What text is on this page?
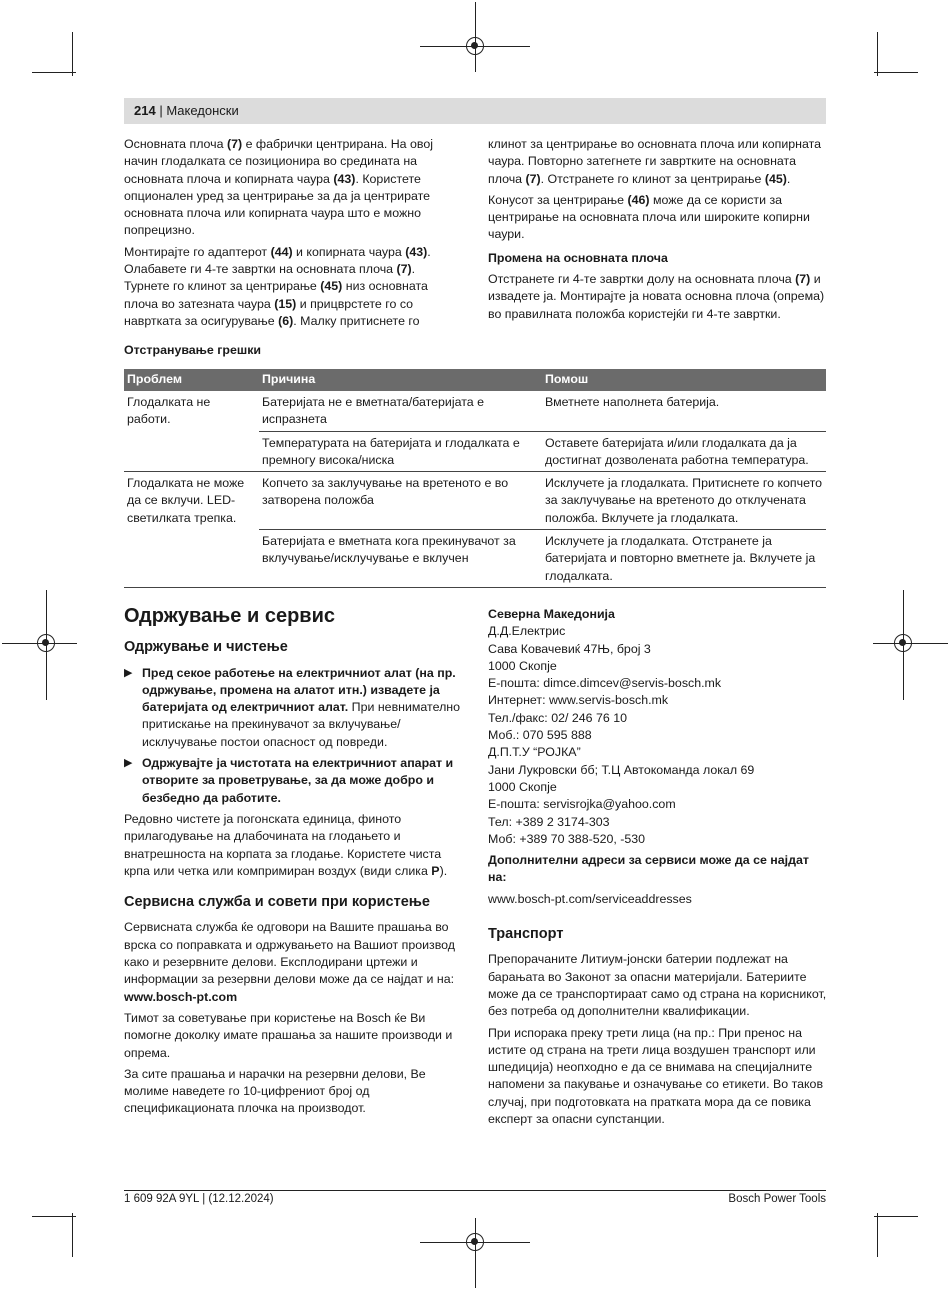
214 | Македонски

Основната плоча (7) е фабрички центрирана. На овој начин глодалката се позиционира во средината на основната плоча и копирната чаура (43). Користете опционален уред за центрирање за да ја центрирате основната плоча или копирната чаура што е можно попрецизно.

Монтирајте го адаптерот (44) и копирната чаура (43). Олабавете ги 4-те завртки на основната плоча (7). Турнете го клинот за центрирање (45) низ основната плоча во затезната чаура (15) и прицврстете го со навртката за осигурување (6). Малку притиснете го

клинот за центрирање во основната плоча или копирната чаура. Повторно затегнете ги завртките на основната плоча (7). Отстранете го клинот за центрирање (45).

Конусот за центрирање (46) може да се користи за центрирање на основната плоча или широките копирни чаури.

Промена на основната плоча

Отстранете ги 4-те завртки долу на основната плоча (7) и извадете ја. Монтирајте ја новата основна плоча (опрема) во правилната положба користејќи ги 4-те завртки.

Отстранување грешки
Проблем	Причина	Помош
Глодалката не работи.	Батеријата не е вметната/батеријата е испразнета	Вметнете наполнета батерија.
	Температурата на батеријата и глодалката е премногу висока/ниска	Оставете батеријата и/или глодалката да ја достигнат дозволената работна температура.
Глодалката не може да се вклучи. LED-светилката трепка.	Копчето за заклучување на вретеното е во затворена положба	Исклучете ја глодалката. Притиснете го копчето за заклучување на вретеното до отклучената положба. Вклучете ја глодалката.
	Батеријата е вметната кога прекинувачот за вклучување/исклучување е вклучен	Исклучете ја глодалката. Отстранете ја батеријата и повторно вметнете ја. Вклучете ја глодалката.
Одржување и сервис
Одржување и чистење
▶ Пред секое работење на електричниот алат (на пр. одржување, промена на алатот итн.) извадете ја батеријата од електричниот алат. При невнимателно притискање на прекинувачот за вклучување/исклучување постои опасност од повреди.
▶ Одржувајте ја чистотата на електричниот апарат и отворите за проветрување, за да може добро и безбедно да работите.

Редовно чистете ја погонската единица, финото прилагодување на длабочината на глодањето и внатрешноста на корпата за глодање. Користете чиста крпа или четка или компримиран воздух (види слика P).

Сервисна служба и совети при користење

Сервисната служба ќе одговори на Вашите прашања во врска со поправката и одржувањето на Вашиот производ како и резервните делови. Експлодирани цртежи и информации за резервни делови може да се најдат и на: www.bosch-pt.com

Тимот за советување при користење на Bosch ќе Ви помогне доколку имате прашања за нашите производи и опрема.

За сите прашања и нарачки на резервни делови, Ве молиме наведете го 10-цифрениот број од спецификационата плочка на производот.

Северна Македонија
Д.Д.Електрис
Сава Ковачевиќ 47Њ, број 3
1000 Скопје
Е-пошта: dimce.dimcev@servis-bosch.mk
Интернет: www.servis-bosch.mk
Тел./факс: 02/ 246 76 10
Моб.: 070 595 888
Д.П.Т.У “РОЈКА”
Јани Лукровски бб; Т.Ц Автокоманда локал 69
1000 Скопје
Е-пошта: servisrojka@yahoo.com
Тел: +389 2 3174-303
Моб: +389 70 388-520, -530
Дополнителни адреси за сервиси може да се најдат на:

www.bosch-pt.com/serviceaddresses

Транспорт

Препорачаните Литиум-јонски батерии подлежат на барањата во Законот за опасни материјали. Батериите може да се транспортираат само од страна на корисникот, без потреба од дополнителни квалификации.

При испорака преку трети лица (на пр.: При пренос на истите од страна на трети лица воздушен транспорт или шпедиција) неопходно е да се внимава на специјалните напомени за пакување и означување со етикети. Во таков случај, при подготовката на пратката мора да се повика експерт за опасни супстанции.

1 609 92A 9YL | (12.12.2024)	Bosch Power Tools
